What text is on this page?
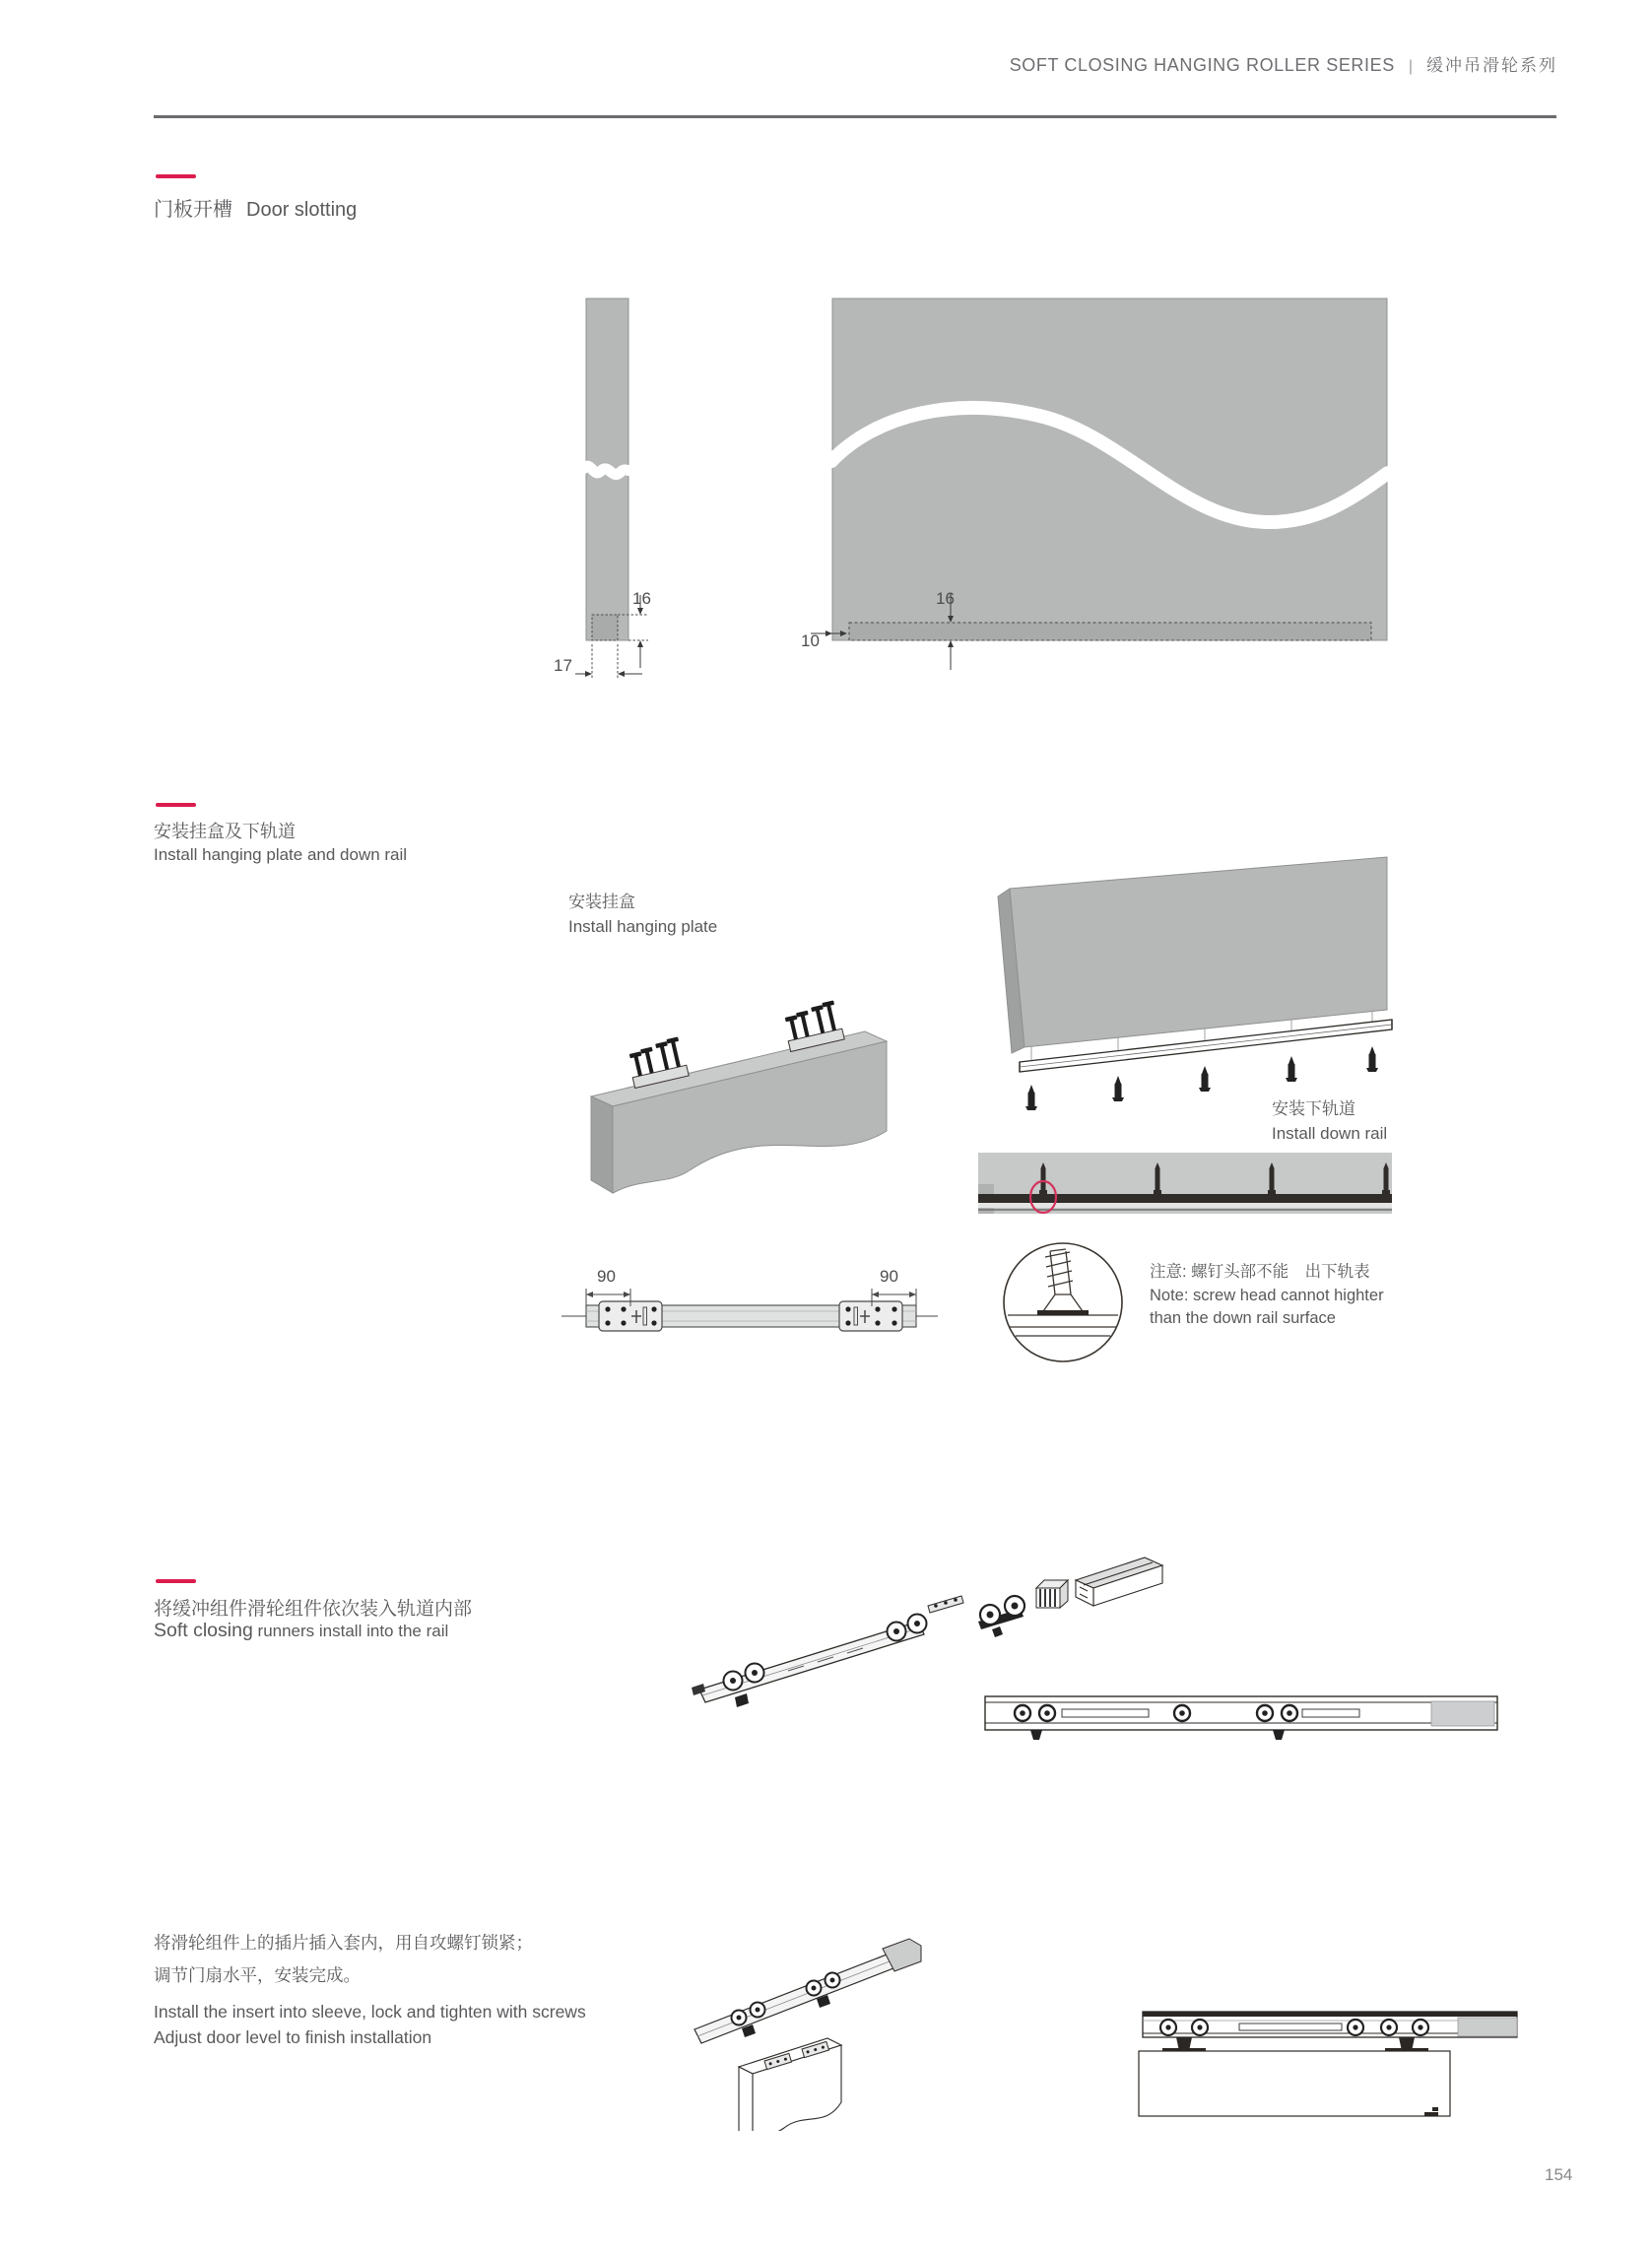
SOFT CLOSING HANGING ROLLER SERIES | 缓冲吊滑轮系列
门板开槽 Door slotting
16
17
16
10
安装挂盒及下轨道
Install hanging plate and down rail
安装挂盒
Install hanging plate
安装下轨道
Install down rail
90	90	注意: 螺钉头部不能　出下轨表
Note: screw head cannot highter
than the down rail surface
将缓冲组件滑轮组件依次装入轨道内部
Soft closing runners install into the rail
将滑轮组件上的插片插入套内，用自攻螺钉锁紧；
调节门扇水平，安装完成。
Install the insert into sleeve, lock and tighten with screws
Adjust door level to finish installation
154
